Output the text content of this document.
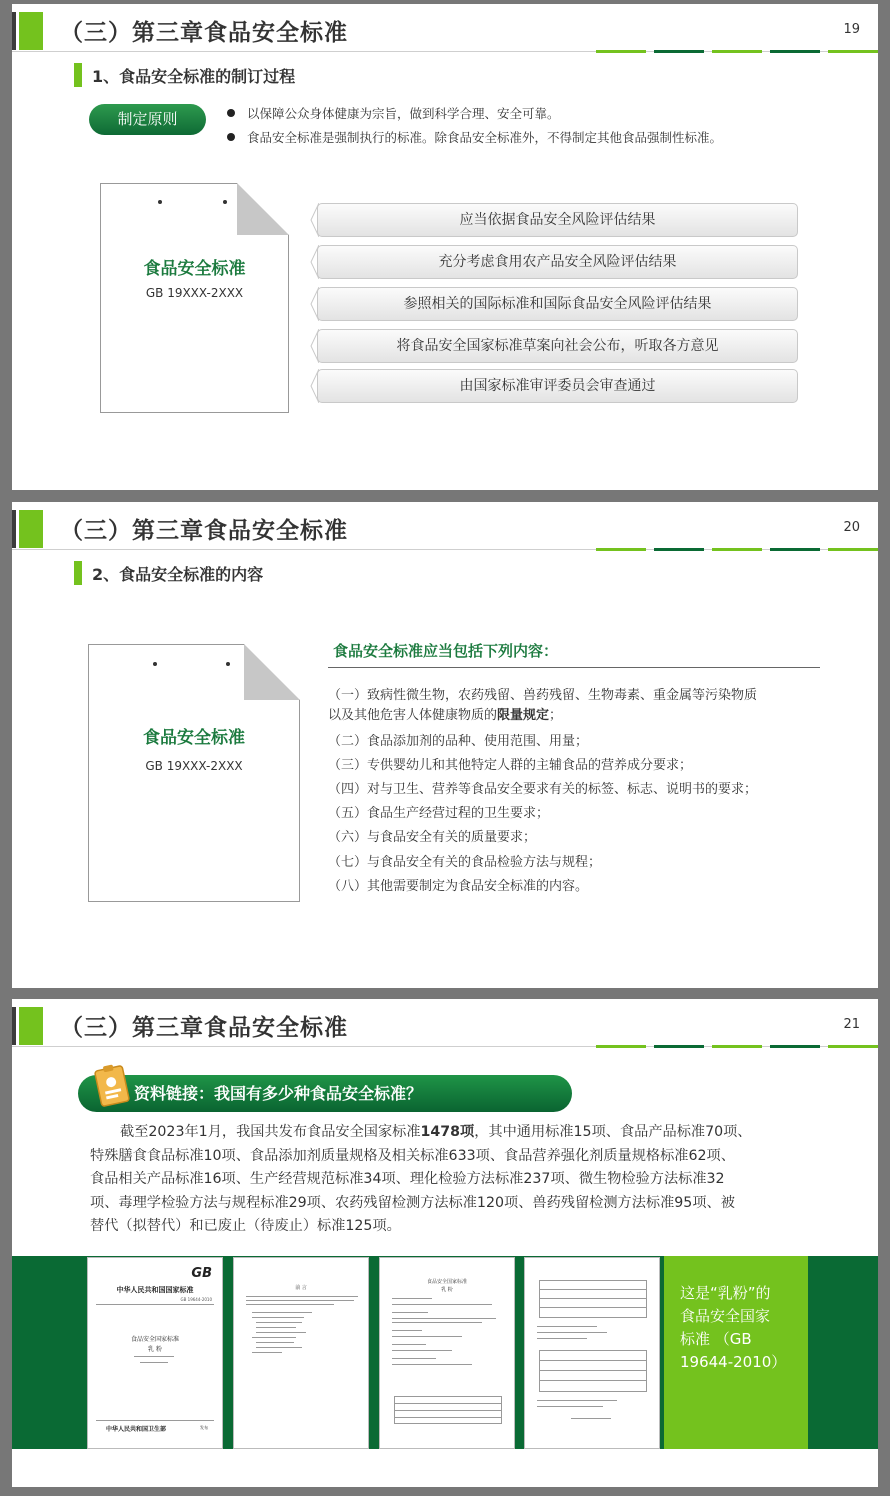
（三）第三章食品安全标准	19
1、食品安全标准的制订过程
制定原则	以保障公众身体健康为宗旨，做到科学合理、安全可靠。
食品安全标准是强制执行的标准。除食品安全标准外，不得制定其他食品强制性标准。
食品安全标准
GB 19XXX-2XXX
应当依据食品安全风险评估结果
充分考虑食用农产品安全风险评估结果
参照相关的国际标准和国际食品安全风险评估结果
将食品安全国家标准草案向社会公布，听取各方意见
由国家标准审评委员会审查通过
（三）第三章食品安全标准	20
2、食品安全标准的内容
食品安全标准
GB 19XXX-2XXX
食品安全标准应当包括下列内容：
（一）致病性微生物，农药残留、兽药残留、生物毒素、重金属等污染物质
以及其他危害人体健康物质的限量规定；
（二）食品添加剂的品种、使用范围、用量；
（三）专供婴幼儿和其他特定人群的主辅食品的营养成分要求；
（四）对与卫生、营养等食品安全要求有关的标签、标志、说明书的要求；
（五）食品生产经营过程的卫生要求；
（六）与食品安全有关的质量要求；
（七）与食品安全有关的食品检验方法与规程；
（八）其他需要制定为食品安全标准的内容。
（三）第三章食品安全标准	21
资料链接：我国有多少种食品安全标准？
截至2023年1月，我国共发布食品安全国家标准1478项，其中通用标准15项、食品产品标准70项、
特殊膳食食品标准10项、食品添加剂质量规格及相关标准633项、食品营养强化剂质量规格标准62项、
食品相关产品标准16项、生产经营规范标准34项、理化检验方法标准237项、微生物检验方法标准32
项、毒理学检验方法与规程标准29项、农药残留检测方法标准120项、兽药残留检测方法标准95项、被
替代（拟替代）和已废止（待废止）标准125项。
GB
中华人民共和国国家标准
GB 19644-2010
食品安全国家标准
乳 粉
中华人民共和国卫生部	发布
前 言
食品安全国家标准
乳 粉	这是“乳粉”的
食品安全国家
标准 （GB
19644-2010）
